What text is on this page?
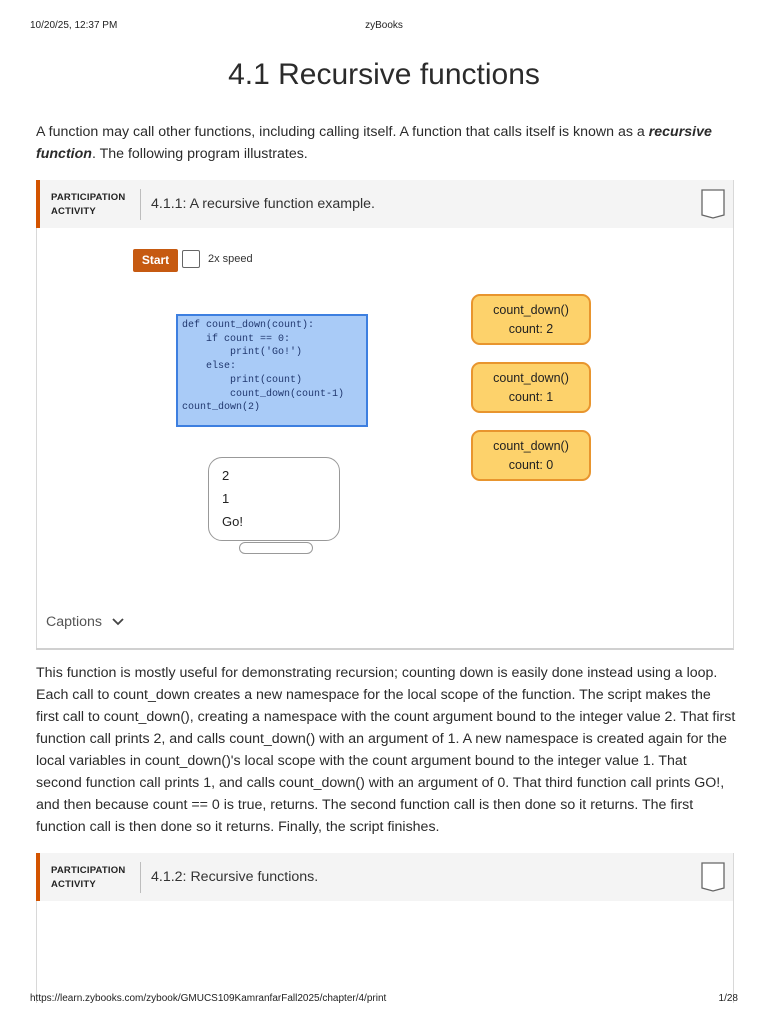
10/20/25, 12:37 PM	zyBooks
4.1 Recursive functions

A function may call other functions, including calling itself. A function that calls itself is known as a recursive function. The following program illustrates.

PARTICIPATION
ACTIVITY	4.1.1: A recursive function example.
Start	2x speed
def count_down(count):
if count == 0:
print('Go!')
else:
print(count)
count_down(count-1)
count_down(2)
2
1
Go!
count_down()
count: 2
count_down()
count: 1
count_down()
count: 0
Captions

This function is mostly useful for demonstrating recursion; counting down is easily done instead using a loop. Each call to count_down creates a new namespace for the local scope of the function. The script makes the first call to count_down(), creating a namespace with the count argument bound to the integer value 2. That first function call prints 2, and calls count_down() with an argument of 1. A new namespace is created again for the local variables in count_down()'s local scope with the count argument bound to the integer value 1. That second function call prints 1, and calls count_down() with an argument of 0. That third function call prints GO!, and then because count == 0 is true, returns. The second function call is then done so it returns. The first function call is then done so it returns. Finally, the script finishes.

PARTICIPATION
ACTIVITY	4.1.2: Recursive functions.
https://learn.zybooks.com/zybook/GMUCS109KamranfarFall2025/chapter/4/print	1/28
